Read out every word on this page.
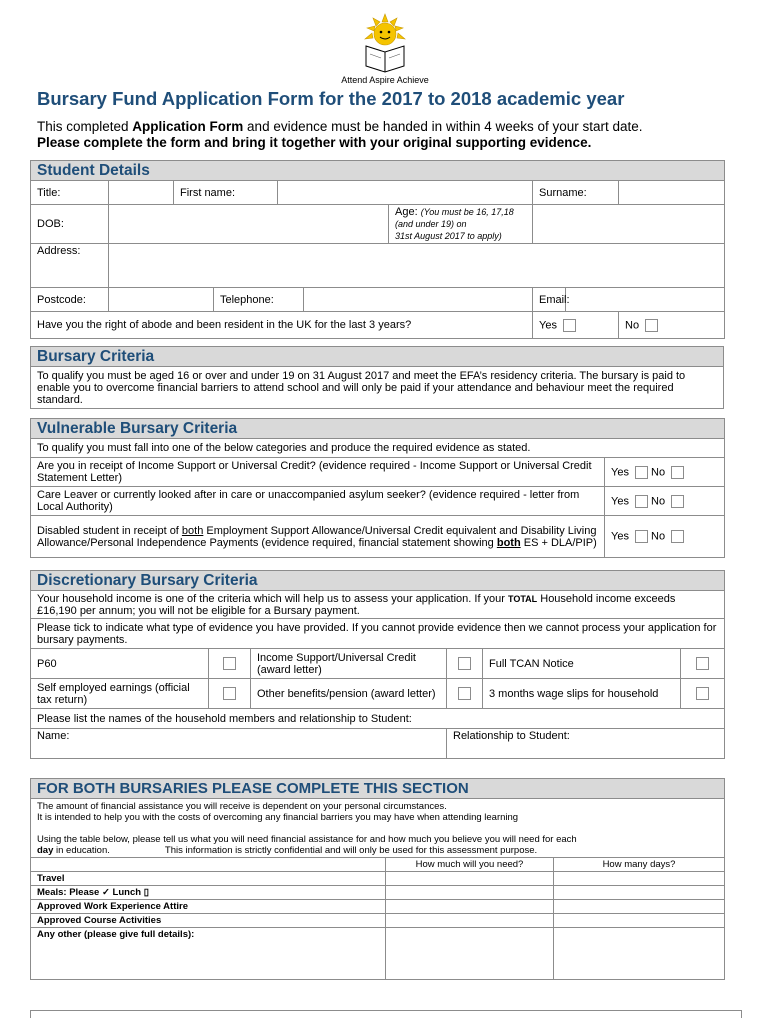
Attend Aspire Achieve
Bursary Fund Application Form for the 2017 to 2018 academic year
This completed Application Form and evidence must be handed in within 4 weeks of your start date.
Please complete the form and bring it together with your original supporting evidence.
Student Details									
Title:		First name:					Surname:		
DOB:						Age: (You must be 16, 17,18 (and under 19) on
31st August 2017 to apply)			
Address:									
Postcode:			Telephone:				Email:		
Have you the right of abode and been resident in the UK for the last 3 years?							Yes		No
Bursary Criteria
To qualify you must be aged 16 or over and under 19 on 31 August 2017 and meet the EFA’s residency criteria. The bursary is paid to enable you to overcome financial barriers to attend school and will only be paid if your attendance and behaviour meet the required standard.
Vulnerable Bursary Criteria	
To qualify you must fall into one of the below categories and produce the required evidence as stated.	
Are you in receipt of Income Support or Universal Credit? (evidence required - Income Support or Universal Credit Statement Letter)	Yes No
Care Leaver or currently looked after in care or unaccompanied asylum seeker? (evidence required - letter from Local Authority)	Yes No
Disabled student in receipt of both Employment Support Allowance/Universal Credit equivalent and Disability Living Allowance/Personal Independence Payments (evidence required, financial statement showing both ES + DLA/PIP)	Yes No
Discretionary Bursary Criteria					
Your household income is one of the criteria which will help us to assess your application. If your TOTAL Household income exceeds £16,190 per annum; you will not be eligible for a Bursary payment.					
Please tick to indicate what type of evidence you have provided. If you cannot provide evidence then we cannot process your application for bursary payments.					
P60		Income Support/Universal Credit (award letter)		Full TCAN Notice	
Self employed earnings (official tax return)		Other benefits/pension (award letter)		3 months wage slips for household	
Please list the names of the household members and relationship to Student:					
Name:			Relationship to Student:		
FOR BOTH BURSARIES PLEASE COMPLETE THIS SECTION		

The amount of financial assistance you will receive is dependent on your personal circumstances.
It is intended to help you with the costs of overcoming any financial barriers you may have when attending learning
Using the table below, please tell us what you will need financial assistance for and how much you believe you will need for each
day in education. This information is strictly confidential and will only be used for this assessment purpose.		

	How much will you need?	How many days?
Travel		
Meals: Please ✓ Lunch ▯		
Approved Work Experience Attire		
Approved Course Activities		
Any other (please give full details):		
